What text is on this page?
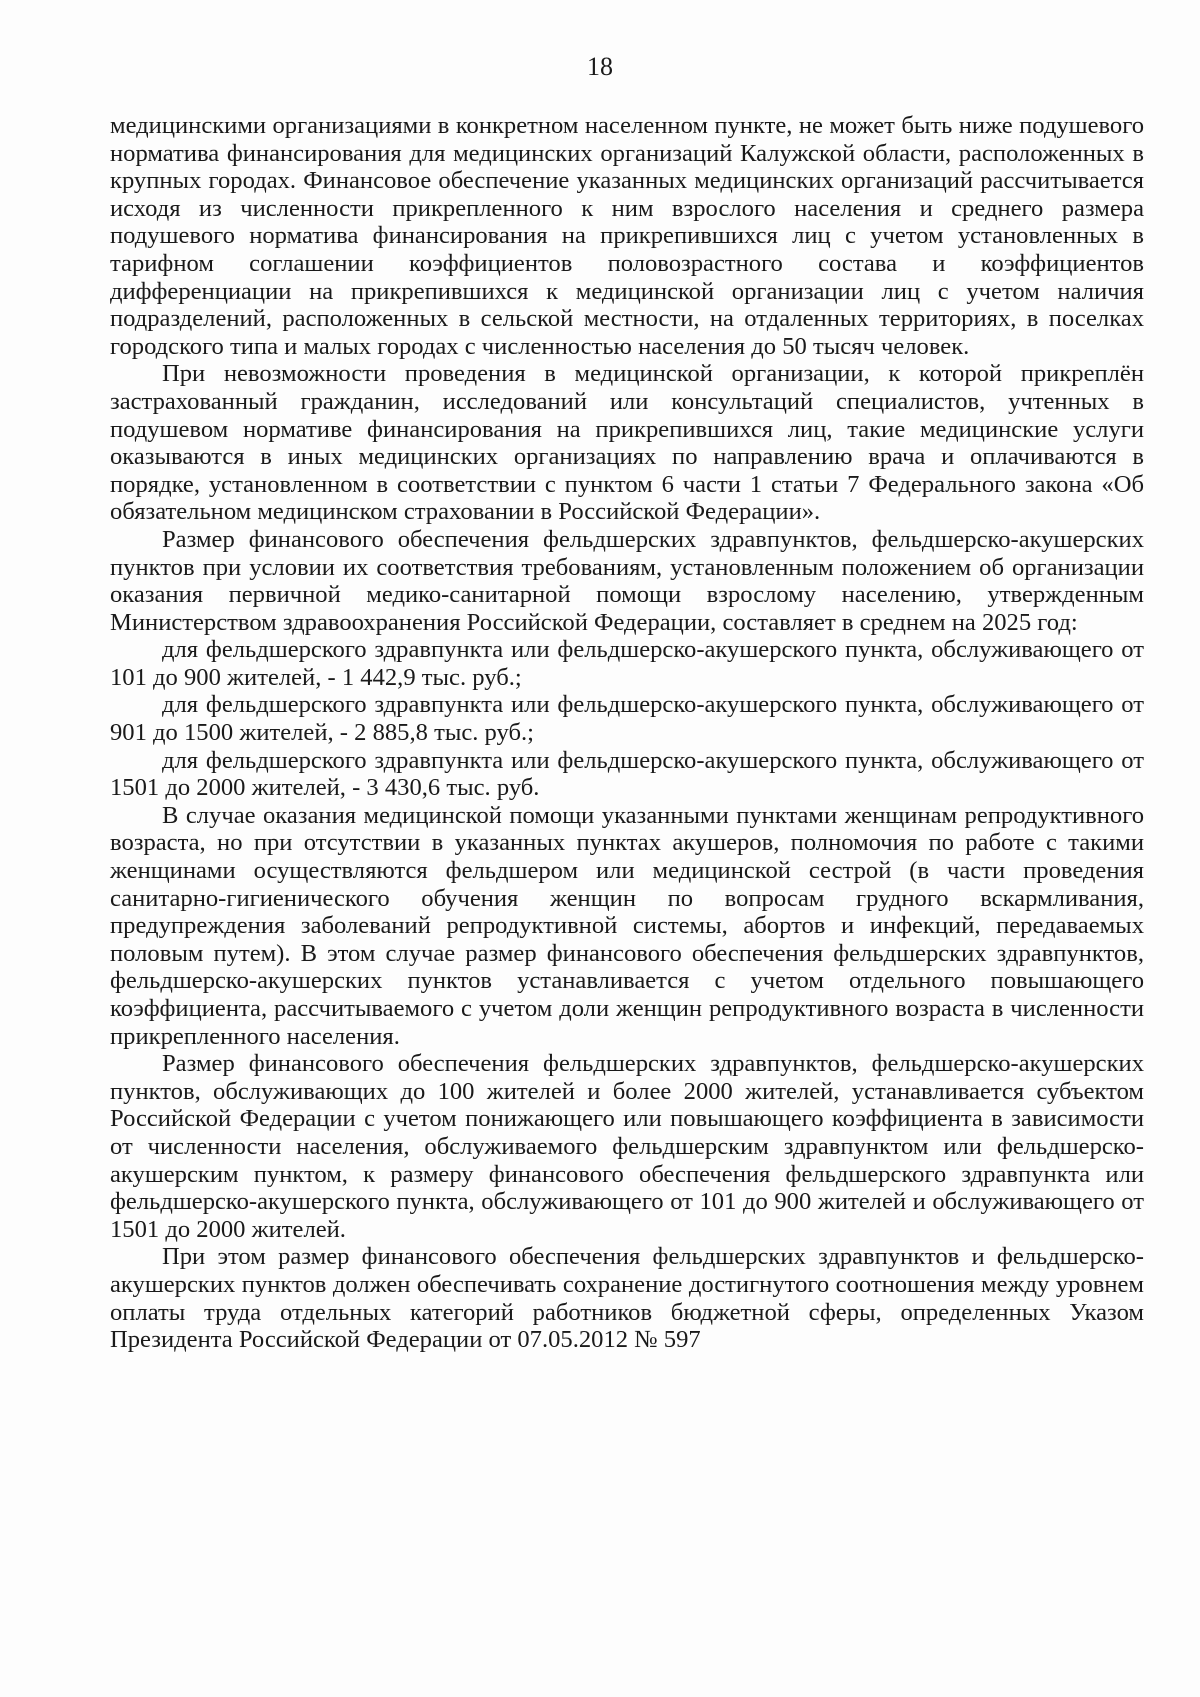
18

медицинскими организациями в конкретном населенном пункте, не может быть ниже подушевого норматива финансирования для медицинских организаций Калужской области, расположенных в крупных городах. Финансовое обеспечение указанных медицинских организаций рассчитывается исходя из численности прикрепленного к ним взрослого населения и среднего размера подушевого норматива финансирования на прикрепившихся лиц с учетом установленных в тарифном соглашении коэффициентов половозрастного состава и коэффициентов дифференциации на прикрепившихся к медицинской организации лиц с учетом наличия подразделений, расположенных в сельской местности, на отдаленных территориях, в поселках городского типа и малых городах с численностью населения до 50 тысяч человек.

При невозможности проведения в медицинской организации, к которой прикреплён застрахованный гражданин, исследований или консультаций специалистов, учтенных в подушевом нормативе финансирования на прикрепившихся лиц, такие медицинские услуги оказываются в иных медицинских организациях по направлению врача и оплачиваются в порядке, установленном в соответствии с пунктом 6 части 1 статьи 7 Федерального закона «Об обязательном медицинском страховании в Российской Федерации».

Размер финансового обеспечения фельдшерских здравпунктов, фельдшерско-акушерских пунктов при условии их соответствия требованиям, установленным положением об организации оказания первичной медико-санитарной помощи взрослому населению, утвержденным Министерством здравоохранения Российской Федерации, составляет в среднем на 2025 год:

для фельдшерского здравпункта или фельдшерско-акушерского пункта, обслуживающего от 101 до 900 жителей, - 1 442,9 тыс. руб.;

для фельдшерского здравпункта или фельдшерско-акушерского пункта, обслуживающего от 901 до 1500 жителей, - 2 885,8 тыс. руб.;

для фельдшерского здравпункта или фельдшерско-акушерского пункта, обслуживающего от 1501 до 2000 жителей, - 3 430,6 тыс. руб.

В случае оказания медицинской помощи указанными пунктами женщинам репродуктивного возраста, но при отсутствии в указанных пунктах акушеров, полномочия по работе с такими женщинами осуществляются фельдшером или медицинской сестрой (в части проведения санитарно-гигиенического обучения женщин по вопросам грудного вскармливания, предупреждения заболеваний репродуктивной системы, абортов и инфекций, передаваемых половым путем). В этом случае размер финансового обеспечения фельдшерских здравпунктов, фельдшерско-акушерских пунктов устанавливается с учетом отдельного повышающего коэффициента, рассчитываемого с учетом доли женщин репродуктивного возраста в численности прикрепленного населения.

Размер финансового обеспечения фельдшерских здравпунктов, фельдшерско-акушерских пунктов, обслуживающих до 100 жителей и более 2000 жителей, устанавливается субъектом Российской Федерации с учетом понижающего или повышающего коэффициента в зависимости от численности населения, обслуживаемого фельдшерским здравпунктом или фельдшерско-акушерским пунктом, к размеру финансового обеспечения фельдшерского здравпункта или фельдшерско-акушерского пункта, обслуживающего от 101 до 900 жителей и обслуживающего от 1501 до 2000 жителей.

При этом размер финансового обеспечения фельдшерских здравпунктов и фельдшерско-акушерских пунктов должен обеспечивать сохранение достигнутого соотношения между уровнем оплаты труда отдельных категорий работников бюджетной сферы, определенных Указом Президента Российской Федерации от 07.05.2012 № 597
